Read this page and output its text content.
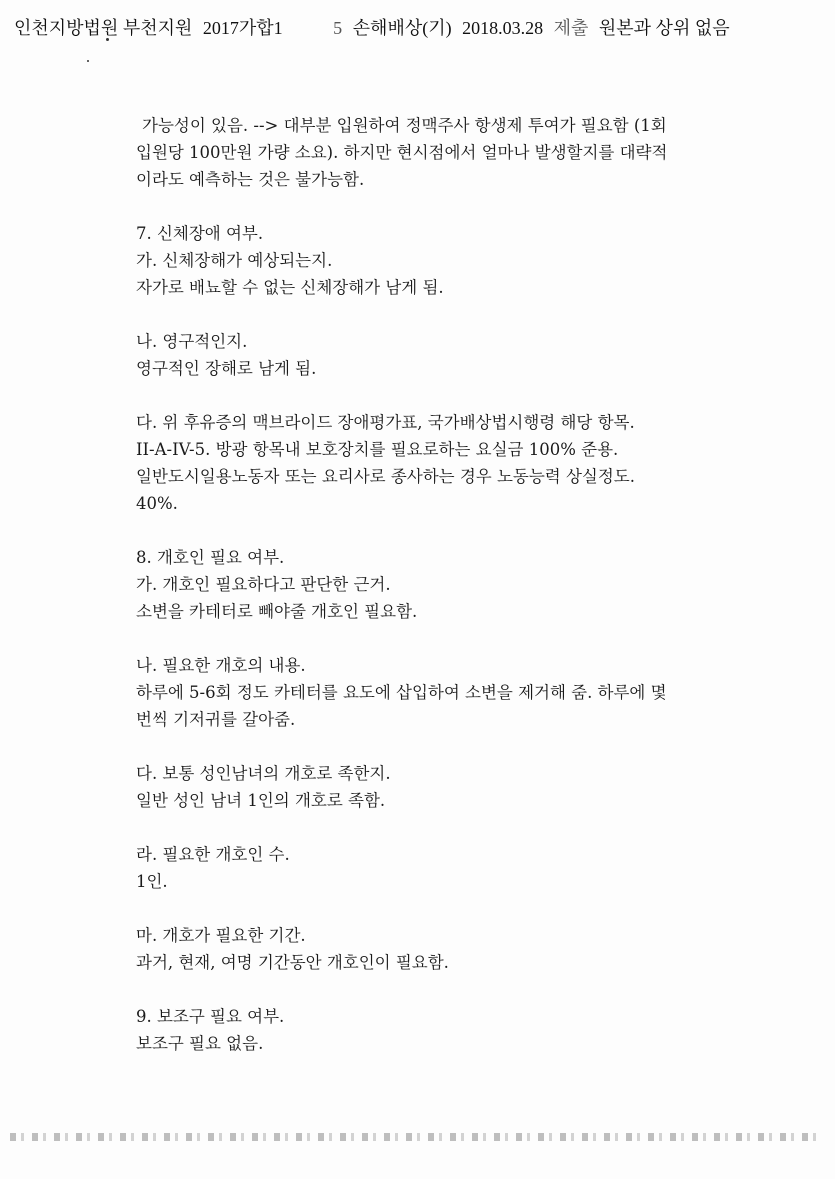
인천지방법원 부천지원 2017가합1	5 손해배상(기) 2018.03.28 제출 원본과 상위 없음
가능성이 있음. --> 대부분 입원하여 정맥주사 항생제 투여가 필요함 (1회
입원당 100만원 가량 소요). 하지만 현시점에서 얼마나 발생할지를 대략적
이라도 예측하는 것은 불가능함.
7. 신체장애 여부.
가. 신체장해가 예상되는지.
자가로 배뇨할 수 없는 신체장해가 남게 됨.
나. 영구적인지.
영구적인 장해로 남게 됨.
다. 위 후유증의 맥브라이드 장애평가표, 국가배상법시행령 해당 항목.
II-A-IV-5. 방광 항목내 보호장치를 필요로하는 요실금 100% 준용.
일반도시일용노동자 또는 요리사로 종사하는 경우 노동능력 상실정도.
40%.
8. 개호인 필요 여부.
가. 개호인 필요하다고 판단한 근거.
소변을 카테터로 빼야줄 개호인 필요함.
나. 필요한 개호의 내용.
하루에 5-6회 정도 카테터를 요도에 삽입하여 소변을 제거해 줌. 하루에 몇
번씩 기저귀를 갈아줌.
다. 보통 성인남녀의 개호로 족한지.
일반 성인 남녀 1인의 개호로 족함.
라. 필요한 개호인 수.
1인.
마. 개호가 필요한 기간.
과거, 현재, 여명 기간동안 개호인이 필요함.
9. 보조구 필요 여부.
보조구 필요 없음.
